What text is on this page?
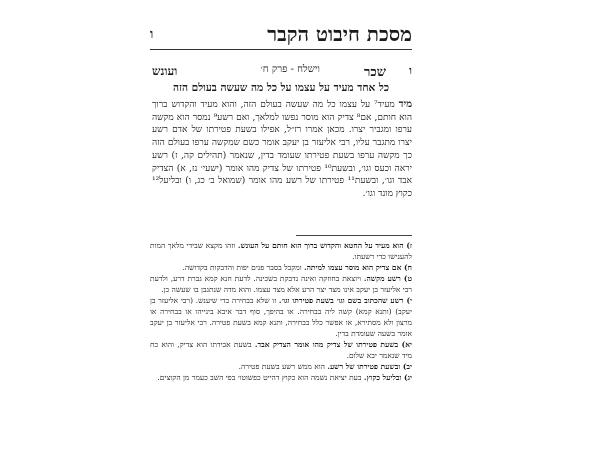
מסכת חיבוט הקבר
ו
ו
שכר
וישלח - פרק ח׳
ועונש
כל אחד מעיד על עצמו על כל מה שעשה בעולם הזה
מיד מעיד⁷ על עצמו כל מה שעשה בעולם הזה, והוא מעיד והקדוש ברוך הוא חותם, אם⁸ צדיק הוא מוסר נפשו למלאך, ואם רשע⁹ נמסר הוא מקשה ערפו ומגביר יצרו. מכאן אמרו רז״ל, אפילו בשעת פטירתו של אדם רשע יצרו מתגבר עליו, רבי אליעזר בן יעקב אומר כשם שמקשה ערפו בעולם הזה כך מקשה ערפו בשעת פטירתו שעומד בדין, שנאמר (תהילים קה, ז) רשע יראה וכעס וגו׳, ובשעת¹⁰ פטירתו של צדיק מהו אומר (ישעי׳ נז, א) הצדיק אבד וגו׳, ובשעת¹¹ פטירתו של רשע מהו אומר (שמואל ב׳ כג, ו) ובליעל¹² כקוץ מונד וגו׳.

ז) הוא מעיד על החטא והקדוש ברוך הוא חותם על העונש. וזהו מקצא שבידי מלאך המות להענישו כדי רשעתו.

ח) אם צדיק הוא מוסר עצמו למיתה. ומקבל בסבר פנים יפות והדבקות בקדושה.

ט) רשע מקשה. ויוצאת בחוזקה ואינה נדבקת בשכינה. לדעת חנא קמא גברת דרע, ולדעת רבי אליעזר בן יעקב אינו מצד יצר הרע אלא מצד עצמו. והוא מדה שנתגבן בו שעשה כן.

י) רשע שהכתוב בשם וגו׳ בשעת פטירתו וגו׳. זו שלא בבחירה כדי שיענש. (רבי אליעזר בן יעקב) (ותנא קמא) קשה ליה בבחירה. או בהיפך, סוף דבר איבא בינייהו או בבחירה או מרצון ולא מסתירא, או אפשר כלל בבחירה, ותנא קמא בשעת פטירה. רבי אליעזר בן יעקב אומר בשעה שעומדת בדין.

יא) בשעת פטירתו של צדיק מהו אומר הצדיק אבד. בשעת אבידתו הוא צדיק, והוא כח מיד שנאמר יבא שלום.

יב) ובשעת פטירתו של רשע. הוא ממש רשע בשעת פטירה.

יג) ובליעל כקוץ. בעת יציאת נשמה הוא כקוץ דהייט כפשוטו׳ בפי השב כעמר מן הקוצים.
